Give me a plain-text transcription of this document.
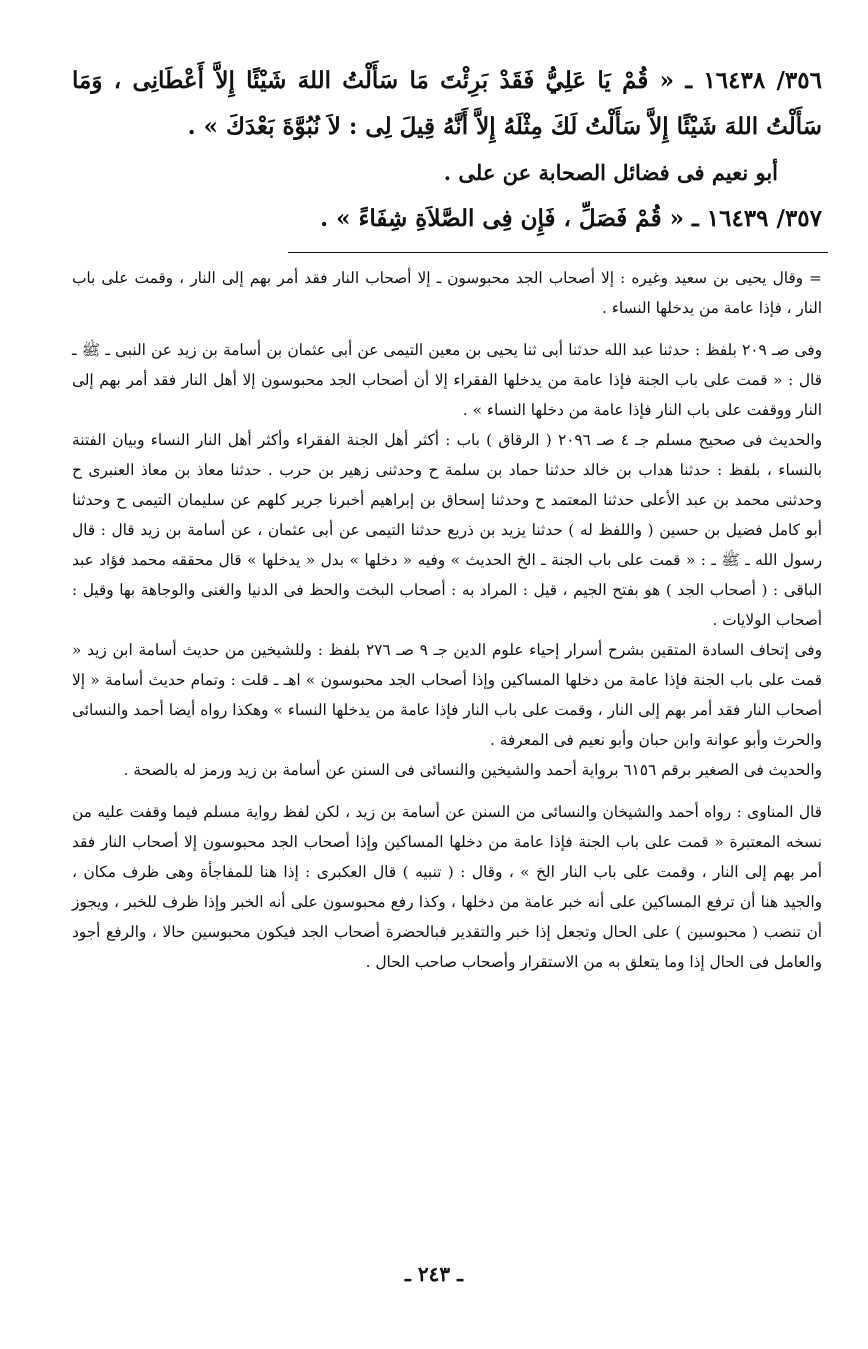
٣٥٦/ ١٦٤٣٨ ـ « قُمْ يَا عَلِيُّ فَقَدْ بَرِئْتَ مَا سَأَلْتُ اللهَ شَيْئًا إِلاَّ أَعْطَانِى ، وَمَا سَأَلْتُ اللهَ شَيْئًا إِلاَّ سَأَلْتُ لَكَ مِثْلَهُ إِلاَّ أَنَّهُ قِيلَ لِى : لاَ نُبُوَّةَ بَعْدَكَ » .

أبو نعيم فى فضائل الصحابة عن على .

٣٥٧/ ١٦٤٣٩ ـ « قُمْ فَصَلِّ ، فَإِن فِى الصَّلاَةِ شِفَاءً » .

= وقال يحيى بن سعيد وغيره : إلا أصحاب الجد محبوسون ـ إلا أصحاب النار فقد أمر بهم إلى النار ، وقمت على باب النار ، فإذا عامة من يدخلها النساء .

وفى صـ ٢٠٩ بلفظ : حدثنا عبد الله حدثنا أبى ثنا يحيى بن معين التيمى عن أبى عثمان بن أسامة بن زيد عن النبى ـ ﷺ ـ قال : « قمت على باب الجنة فإذا عامة من يدخلها الفقراء إلا أن أصحاب الجد محبوسون إلا أهل النار فقد أمر بهم إلى النار ووقفت على باب النار فإذا عامة من دخلها النساء » .

والحديث فى صحيح مسلم جـ ٤ صـ ٢٠٩٦ ( الرقاق ) باب : أكثر أهل الجنة الفقراء وأكثر أهل النار النساء وبيان الفتنة بالنساء ، بلفظ : حدثنا هداب بن خالد حدثنا حماد بن سلمة ح وحدثنى زهير بن حرب . حدثنا معاذ بن معاذ العنبرى ح وحدثنى محمد بن عبد الأعلى حدثنا المعتمد ح وحدثنا إسحاق بن إبراهيم أخبرنا جرير كلهم عن سليمان التيمى ح وحدثنا أبو كامل فضيل بن حسين ( واللفظ له ) حدثنا يزيد بن ذريع حدثنا التيمى عن أبى عثمان ، عن أسامة بن زيد قال : قال رسول الله ـ ﷺ ـ : « قمت على باب الجنة ـ الخ الحديث » وفيه « دخلها » بدل « يدخلها » قال محققه محمد فؤاد عبد الباقى : ( أصحاب الجد ) هو بفتح الجيم ، قيل : المراد به : أصحاب البخت والحظ فى الدنيا والغنى والوجاهة بها وقيل : أصحاب الولايات .

وفى إتحاف السادة المتقين بشرح أسرار إحياء علوم الدين جـ ٩ صـ ٢٧٦ بلفظ : وللشيخين من حديث أسامة ابن زيد « قمت على باب الجنة فإذا عامة من دخلها المساكين وإذا أصحاب الجد محبوسون » اهـ ـ قلت : وتمام حديث أسامة « إلا أصحاب النار فقد أمر بهم إلى النار ، وقمت على باب النار فإذا عامة من يدخلها النساء » وهكذا رواه أيضا أحمد والنسائى والحرث وأبو عوانة وابن حبان وأبو نعيم فى المعرفة .

والحديث فى الصغير برقم ٦١٥٦ برواية أحمد والشيخين والنسائى فى السنن عن أسامة بن زيد ورمز له بالصحة .

قال المناوى : رواه أحمد والشيخان والنسائى من السنن عن أسامة بن زيد ، لكن لفظ رواية مسلم فيما وقفت عليه من نسخه المعتبرة « قمت على باب الجنة فإذا عامة من دخلها المساكين وإذا أصحاب الجد محبوسون إلا أصحاب النار فقد أمر بهم إلى النار ، وقمت على باب النار الخ » ، وقال : ( تنبيه ) قال العكبرى : إذا هنا للمفاجأة وهى ظرف مكان ، والجيد هنا أن ترفع المساكين على أنه خبر عامة من دخلها ، وكذا رفع محبوسون على أنه الخبر وإذا ظرف للخبر ، ويجوز أن تنصب ( محبوسين ) على الحال وتجعل إذا خبر والتقدير فبالحضرة أصحاب الجد فيكون محبوسين حالا ، والرفع أجود والعامل فى الحال إذا وما يتعلق به من الاستقرار وأصحاب صاحب الحال .

ـ ٢٤٣ ـ
